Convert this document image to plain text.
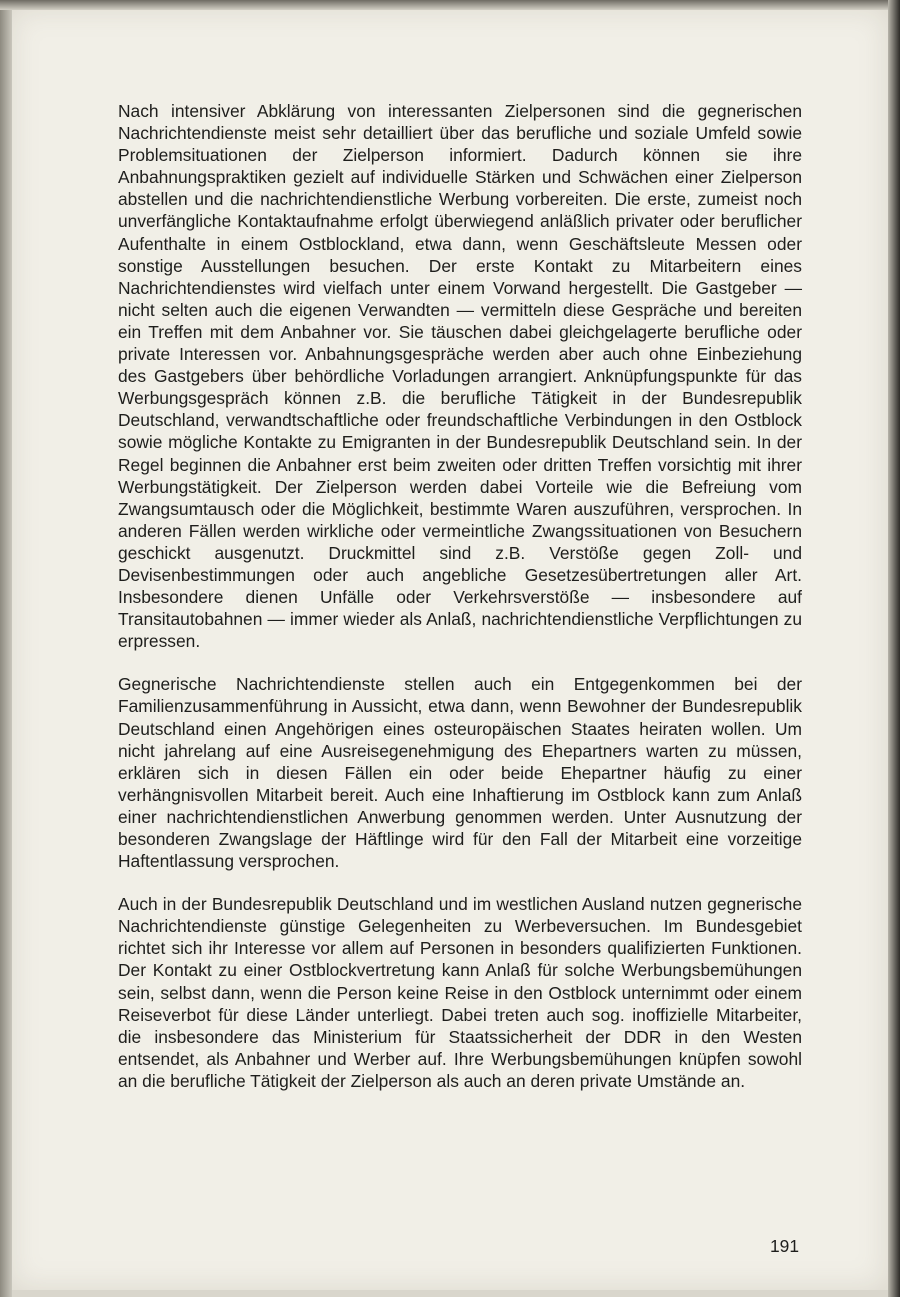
Nach intensiver Abklärung von interessanten Zielpersonen sind die gegnerischen Nachrichtendienste meist sehr detailliert über das berufliche und soziale Umfeld sowie Problemsituationen der Zielperson informiert. Dadurch können sie ihre Anbahnungspraktiken gezielt auf individuelle Stärken und Schwächen einer Zielperson abstellen und die nachrichtendienstliche Werbung vorbereiten. Die erste, zumeist noch unverfängliche Kontaktaufnahme erfolgt überwiegend anläßlich privater oder beruflicher Aufenthalte in einem Ostblockland, etwa dann, wenn Geschäftsleute Messen oder sonstige Ausstellungen besuchen. Der erste Kontakt zu Mitarbeitern eines Nachrichtendienstes wird vielfach unter einem Vorwand hergestellt. Die Gastgeber — nicht selten auch die eigenen Verwandten — vermitteln diese Gespräche und bereiten ein Treffen mit dem Anbahner vor. Sie täuschen dabei gleichgelagerte berufliche oder private Interessen vor. Anbahnungsgespräche werden aber auch ohne Einbeziehung des Gastgebers über behördliche Vorladungen arrangiert. Anknüpfungspunkte für das Werbungsgespräch können z.B. die berufliche Tätigkeit in der Bundesrepublik Deutschland, verwandtschaftliche oder freundschaftliche Verbindungen in den Ostblock sowie mögliche Kontakte zu Emigranten in der Bundesrepublik Deutschland sein. In der Regel beginnen die Anbahner erst beim zweiten oder dritten Treffen vorsichtig mit ihrer Werbungstätigkeit. Der Zielperson werden dabei Vorteile wie die Befreiung vom Zwangsumtausch oder die Möglichkeit, bestimmte Waren auszuführen, versprochen. In anderen Fällen werden wirkliche oder vermeintliche Zwangssituationen von Besuchern geschickt ausgenutzt. Druckmittel sind z.B. Verstöße gegen Zoll- und Devisenbestimmungen oder auch angebliche Gesetzesübertretungen aller Art. Insbesondere dienen Unfälle oder Verkehrsverstöße — insbesondere auf Transitautobahnen — immer wieder als Anlaß, nachrichtendienstliche Verpflichtungen zu erpressen.

Gegnerische Nachrichtendienste stellen auch ein Entgegenkommen bei der Familienzusammenführung in Aussicht, etwa dann, wenn Bewohner der Bundesrepublik Deutschland einen Angehörigen eines osteuropäischen Staates heiraten wollen. Um nicht jahrelang auf eine Ausreisegenehmigung des Ehepartners warten zu müssen, erklären sich in diesen Fällen ein oder beide Ehepartner häufig zu einer verhängnisvollen Mitarbeit bereit. Auch eine Inhaftierung im Ostblock kann zum Anlaß einer nachrichtendienstlichen Anwerbung genommen werden. Unter Ausnutzung der besonderen Zwangslage der Häftlinge wird für den Fall der Mitarbeit eine vorzeitige Haftentlassung versprochen.

Auch in der Bundesrepublik Deutschland und im westlichen Ausland nutzen gegnerische Nachrichtendienste günstige Gelegenheiten zu Werbeversuchen. Im Bundesgebiet richtet sich ihr Interesse vor allem auf Personen in besonders qualifizierten Funktionen. Der Kontakt zu einer Ostblockvertretung kann Anlaß für solche Werbungsbemühungen sein, selbst dann, wenn die Person keine Reise in den Ostblock unternimmt oder einem Reiseverbot für diese Länder unterliegt. Dabei treten auch sog. inoffizielle Mitarbeiter, die insbesondere das Ministerium für Staatssicherheit der DDR in den Westen entsendet, als Anbahner und Werber auf. Ihre Werbungsbemühungen knüpfen sowohl an die berufliche Tätigkeit der Zielperson als auch an deren private Umstände an.

191
